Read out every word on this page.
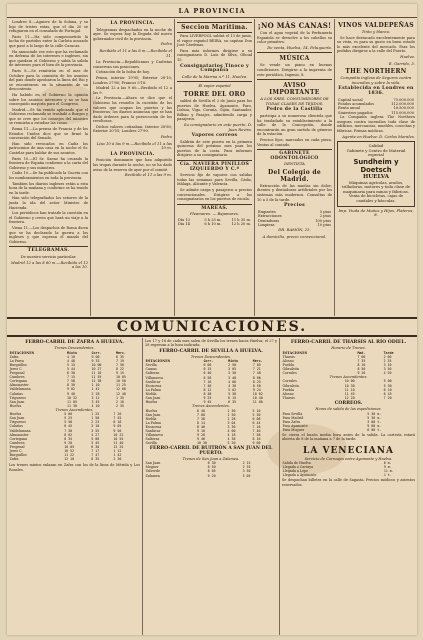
LA PROVINCIA

Londres 8.—Aguirre de la Solana, y su hijo de tristes estas, que el dia 20 se refugiaron en el consulado de Portugal.

Paris 11.—Ha sido comprometido la lucha de partidos entre la Carlota acusado que pasó a lo largo de la calle Caracas.

Ha anunciado ese esto que ha reclamado en defensa de los intereses e ingleses, sin que quedara el Gobierno y sabía la salida de intereses para el bien de la provincia.

Paris 8.—Se remitirán en el mes de Octubre para la comisión de los asuntos del país donde aprobaron la línea del Río y se encontraron en la situación de un descontento.

Ha habido en el Gobierno la opinión sobre los asuntos interiores y no se han conseguido mayoría para el Congreso.

Madrid.—Sé ha venido aplicando que el Gobierno reclamado se trasladó a Burgos y que se cree que los consejos del ministro se reunirán a estudiar las cosas.

Roma 11.—La prensa de Francia y de los Estados Unidos dice que se firmó la convención del Senado.

Han sido revocados en Cadiz los patrocinios de una casa en la noche el Sr. Castelar para hablar de sus asuntos.

Paris 10.—El Sr. Saenz ha cruzado la frontera de España conforme a la carta del Gobierno y sus ministros.

Cadiz 10.—Se ha publicado la Gaceta con los nombramientos en toda la provincia.

Tambien los diarios ingleses están a esta hora de la mañana y conforme se ha tenido en la tarde.

Han sido telegrafiados los señores de la junta la ida del señor Ministro de Hacienda.

Los periódicos han tratado la cuestión en el Gobierno y creen que hará un viaje a la frontera.

Viena 11.—Los despachos de Roma dicen que se ha declarado la guerra a los ingleses y que esperan el mando del Gobierno.

TELEGRAMAS.

De nuestro servicio particular.

Madrid 12 a las 8 60 m.—Recibido el 12 a las 10.
LA PROVINCIA.

Telegramas despachados en la noche de ayer. Se espera hoy la llegada del nuevo gobernador civil de la provincia.

Pedro
Recibido el 11 a las 8 m.—Recibido el 11.

La Provincia.—Republicanos y Carlistas conservan sus posiciones.

Cotización de la bolsa de hoy.

Prima, interior 19'95; Exterior 28'10; Londres 27'80; Francos 5'18.

Madrid 12 a las 9 60.—Recibido el 12 a las 9.

La Provincia.—Ahora se dice que el Gobierno ha resuelto la cuestión de los valores que ocupan los puertos y las fronteras; los diarios anuncian que se han dado órdenes para la persecución de los revoltosos.

Dichos valores cotizaban: Interior 28'80; Exterior 30'55; Londres 27'90.

Pedro
Lisa 10 á las 9 m.—Recibido el 11 a las 10 m.
LA PROVINCIA.

Posición dominante que han adquirido las tropas durante la noche, no se ha dado aviso de la reserva de ayer por el comité.

Recibido el 11 a las 9 m.
Seccion Marítima.

Para LIVERPOOL saldrá el 13 de junio, el vapor español BEIRA, su capitan Don José Cárdenas.

Para más informes dirigirse a su consignatario D. Luis de Silva, Oficial 15.

Consignatarios Tinoco y Compañía
Calle de la Marina n.º 11, Huelva.
El vapor español
TORRE DEL ORO

saldrá de Sevilla el 2 de Junio para los puertos de Huelva, Ayamonte, Faro, Lisboa, Vigo, Coruña, Gijón, Santander, Bilbao y Pasajes, admitiendo carga y pasajeros.

Su consignatario en este puerto, D. Juan Rovira.
Vapores correos

Saldrán de este puerto en la primera quincena del próximo mes para los puertos de la costa. Para informes dirigirse a su consignatario.

Cía. NAVIERA PINILLOS IZQUIERDO Y C.ª

Servicio fijo de vapores con salidas todas las semanas para Sevilla, Cádiz, Málaga, Alicante y Valencia.

Se admite carga y pasajeros a precios convencionales. Dirigirse a los consignatarios en los puertos de escala.

MAREAS.
Pleamares. — Bajamares.
Día 13	5 h 25 m.	11 h 35 m.
Día 14	6 h 10 m.	12 h 20 m.
¡NO MÁS CANAS!

Con el agua vegetal de la Perfumería Española se devuelve a los cabellos su color primitivo.

De venta, Huelva, 14, Peluquería.
MÚSICA

Se vende un piano en buenas condiciones. Dirigirse a la imprenta de este periódico, Ingenio, 8.

AVISO IMPORTANTE
A LOS SRES. CONSUMIDORES DE TODAS CLASES DE TEJIDOS.
Pedro de la Castilla

participa a su numerosa clientela que ha trasladado su establecimiento a la calle de la Concepción, donde encontrarán un gran surtido de géneros de la estación.

Precios fijos, marcados en cada pieza. Ventas al contado.

GABINETE ODONTOLÓGICO
DENTISTA
Del Colegio de Madrid.

Extracción de las muelas sin dolor; dientes y dentaduras artificiales por los sistemas más modernos. Consultas de 10 a 5 de la tarde.

Precios
Empastes	5 ptas
Extracciones	2 ptas
Dentaduras	100 ptas
Limpieza	10 ptas
DR. RAMÓN, 25.
A domicilio, precio convencional.
VINOS VALDEPEÑAS
Tinto y blanco.

Se hace destacado excelentemente para su vista, es para su gusto en buen estado lo más excelente del mercado. Para los pedidos dirigirse a la calle del Puerto.

Huelva.
E. Garrido, 3.
THE NORTHERN
Compañía inglesa de Seguros contra incendios y sobre la vida.
Establecida en Londres en 1836.
Capital social	75.000.000
Fondos acumulados	112.000.000
Renta anual	18.500.000
Siniestros pagados	115.000.000

La Compañía inglesa The Northern asegura contra incendios toda clase de edificios, mercancías, muebles, cosechas y fábricas. Primas módicas.

Agente en Huelva: D. Carlos Morales.
Calidad
Gabinete y Centro de Material especial
Sundheim y Doetsch
HUELVA
Máquinas agrícolas, arados, trilladoras, motores y toda clase de maquinaria para minas y fábricas.
Venta de bicicletas, cajas de caudales y básculas.
Imp. Viuda de Muñoz y Hijos, Plateros, 8.
COMUNICACIONES.
FERRO-CARRIL DE ZAFRA A HUELVA.
Trenes Descendentes.
ESTACIONES	Mixto	Corr.	Merc.
Zafra	4 10	9 00	6 35
La Parra	4 48	9 33	7 19
Burguillos	5 15	10 00	7 50
Jerez C.	5 44	10 27	8 22
Fregenal	6 30	11 10	9 15
Cumbres	7 15	11 55	10 05
Cortegana	7 58	12 38	10 50
Almonaster	8 30	1 10	11 25
Valdelamusa	9 02	1 42	12 00
Calañas	9 48	2 28	12 48
Trigueros	10 32	3 12	1 35
San Juan	11 05	3 45	2 10
Huelva	11 30	4 10	2 35
Trenes Ascendentes.
Huelva	5 00	1 25	7 20
San Juan	5 25	1 50	7 45
Trigueros	5 58	2 23	8 18
Calañas	6 45	3 10	9 05
Valdelamusa	7 30	3 55	9 50
Almonaster	8 02	4 27	10 22
Cortegana	8 35	5 00	10 55
Cumbres	9 20	5 45	11 40
Fregenal	10 05	6 30	12 25
Jerez C.	10 52	7 17	1 12
Burguillos	11 22	7 47	1 42
Zafra	12 10	8 35	2 30

Los trenes mixtos enlazan en Zafra con los de la línea de Mérida y Los Rosales.

Los 17 y 18 de cada mes salen de Sevilla los trenes hacia Huelva; el 27 y 28 regresan a la hora indicada.

FERRO-CARRIL DE SEVILLA A HUELVA.
Trenes Descendentes.
ESTACIONES	Corr.	Mixto	Merc.
Sevilla	6 00	2 50	7 05
Camas	6 15	3 05	7 21
Salteras	6 40	3 30	7 48
Villanueva	6 58	3 48	8 06
Sanlúcar	7 16	4 06	8 25
Escacena	7 40	4 30	8 50
La Palma	8 12	5 02	9 24
Niebla	8 48	5 38	10 02
San Juan	9 25	6 15	10 40
Huelva	9 45	6 35	11 00
Trenes Ascendentes.
Huelva	6 40	1 30	5 10
San Juan	7 00	1 50	5 30
Niebla	7 38	2 28	6 08
La Palma	8 14	3 04	6 44
Escacena	8 46	3 36	7 16
Sanlúcar	9 10	4 00	7 40
Villanueva	9 28	4 18	7 58
Salteras	9 46	4 36	8 16
Sevilla	10 30	5 20	9 00
FERRO-CARRIL DE BUITRÓN A SAN JUAN DEL PUERTO.
Trenes de San Juan a Zalamea.
San Juan	6 30	2 15
Moguer	6 50	2 35
Valverde	8 05	3 50
Zalamea	9 20	5 05
FERRO-CARRIL DE THARSIS AL RÍO ODIEL.
Horario de Trenes.
ESTACIONES	Mañ.	Tarde
Tharsis	7 00	2 00
Alosno	7 35	2 35
Puebla	8 10	3 10
Gibraleón	8 50	3 50
Corrales	9 20	4 20
Trenes Ascendentes.
Corrales	10 00	5 00
Gibraleón	10 30	5 30
Puebla	11 10	6 10
Alosno	11 45	6 45
Tharsis	12 20	7 20
CORREOS.
Horas de salida de las expediciones.
Para Sevilla	5 30 m.
Para Madrid	5 30 m.
Para Zafra	3 00 t.
Para Ayamonte	9 00 m.
Para Moguer	6 00 t.

Se cierra el buzón media hora antes de la salida. La cartería estará abierta de 8 de la mañana a 7 de la tarde.

LA VENECIANA
Servicio de Carruajes entre Ayamonte y Huelva.
Salida de Huelva	6 m.
Llegada a Cartaya	9 m.
Llegada a Lepe	11 m.
Llegada a Ayamonte	1 t.

Se despachan billetes en la calle de Sagasta. Precios módicos y asientos reservados.
